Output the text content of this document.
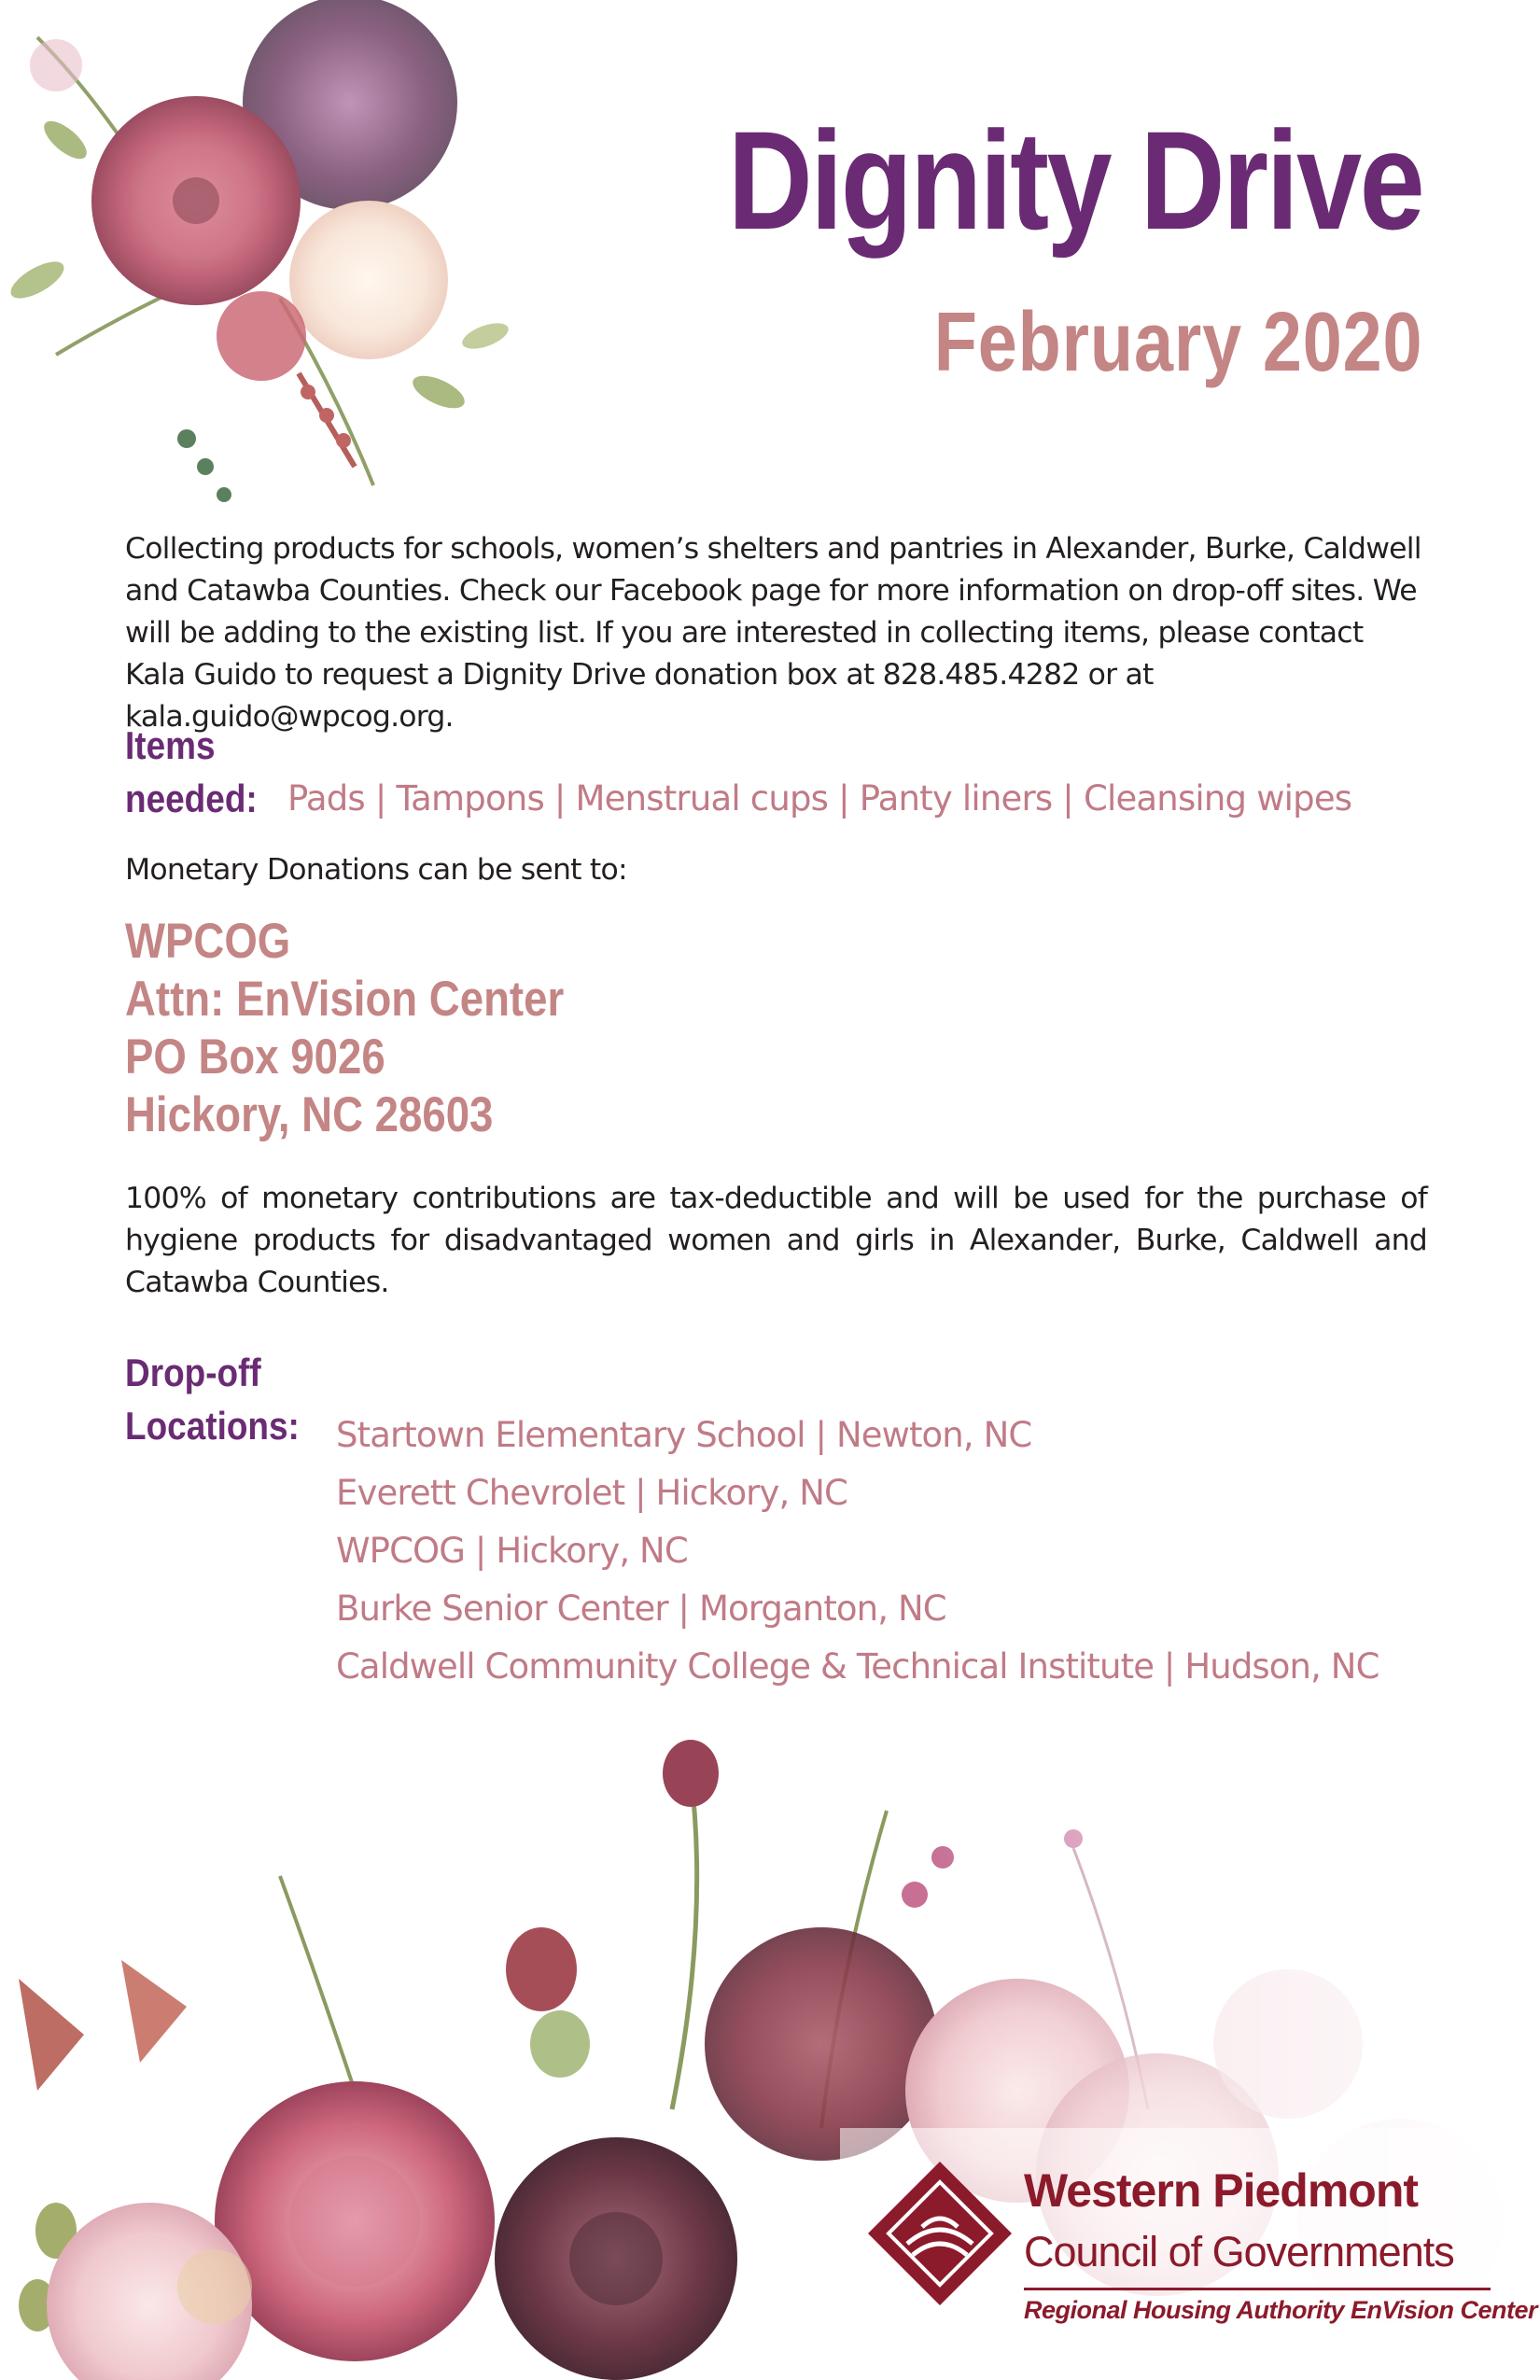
Dignity Drive
February 2020

Collecting products for schools, women’s shelters and pantries in Alexander, Burke, Caldwell and Catawba Counties. Check our Facebook page for more information on drop-off sites. We will be adding to the existing list. If you are interested in collecting items, please contact Kala Guido to request a Dignity Drive donation box at 828.485.4282 or at kala.guido@wpcog.org.

Items
needed: Pads | Tampons | Menstrual cups | Panty liners | Cleansing wipes
Monetary Donations can be sent to:
WPCOG
Attn: EnVision Center
PO Box 9026
Hickory, NC 28603

100% of monetary contributions are tax-deductible and will be used for the purchase of hygiene products for disadvantaged women and girls in Alexander, Burke, Caldwell and Catawba Counties.

Drop-off
Locations: Startown Elementary School | Newton, NC
Everett Chevrolet | Hickory, NC
WPCOG | Hickory, NC
Burke Senior Center | Morganton, NC
Caldwell Community College & Technical Institute | Hudson, NC
Western Piedmont
Council of Governments
Regional Housing Authority EnVision Center
